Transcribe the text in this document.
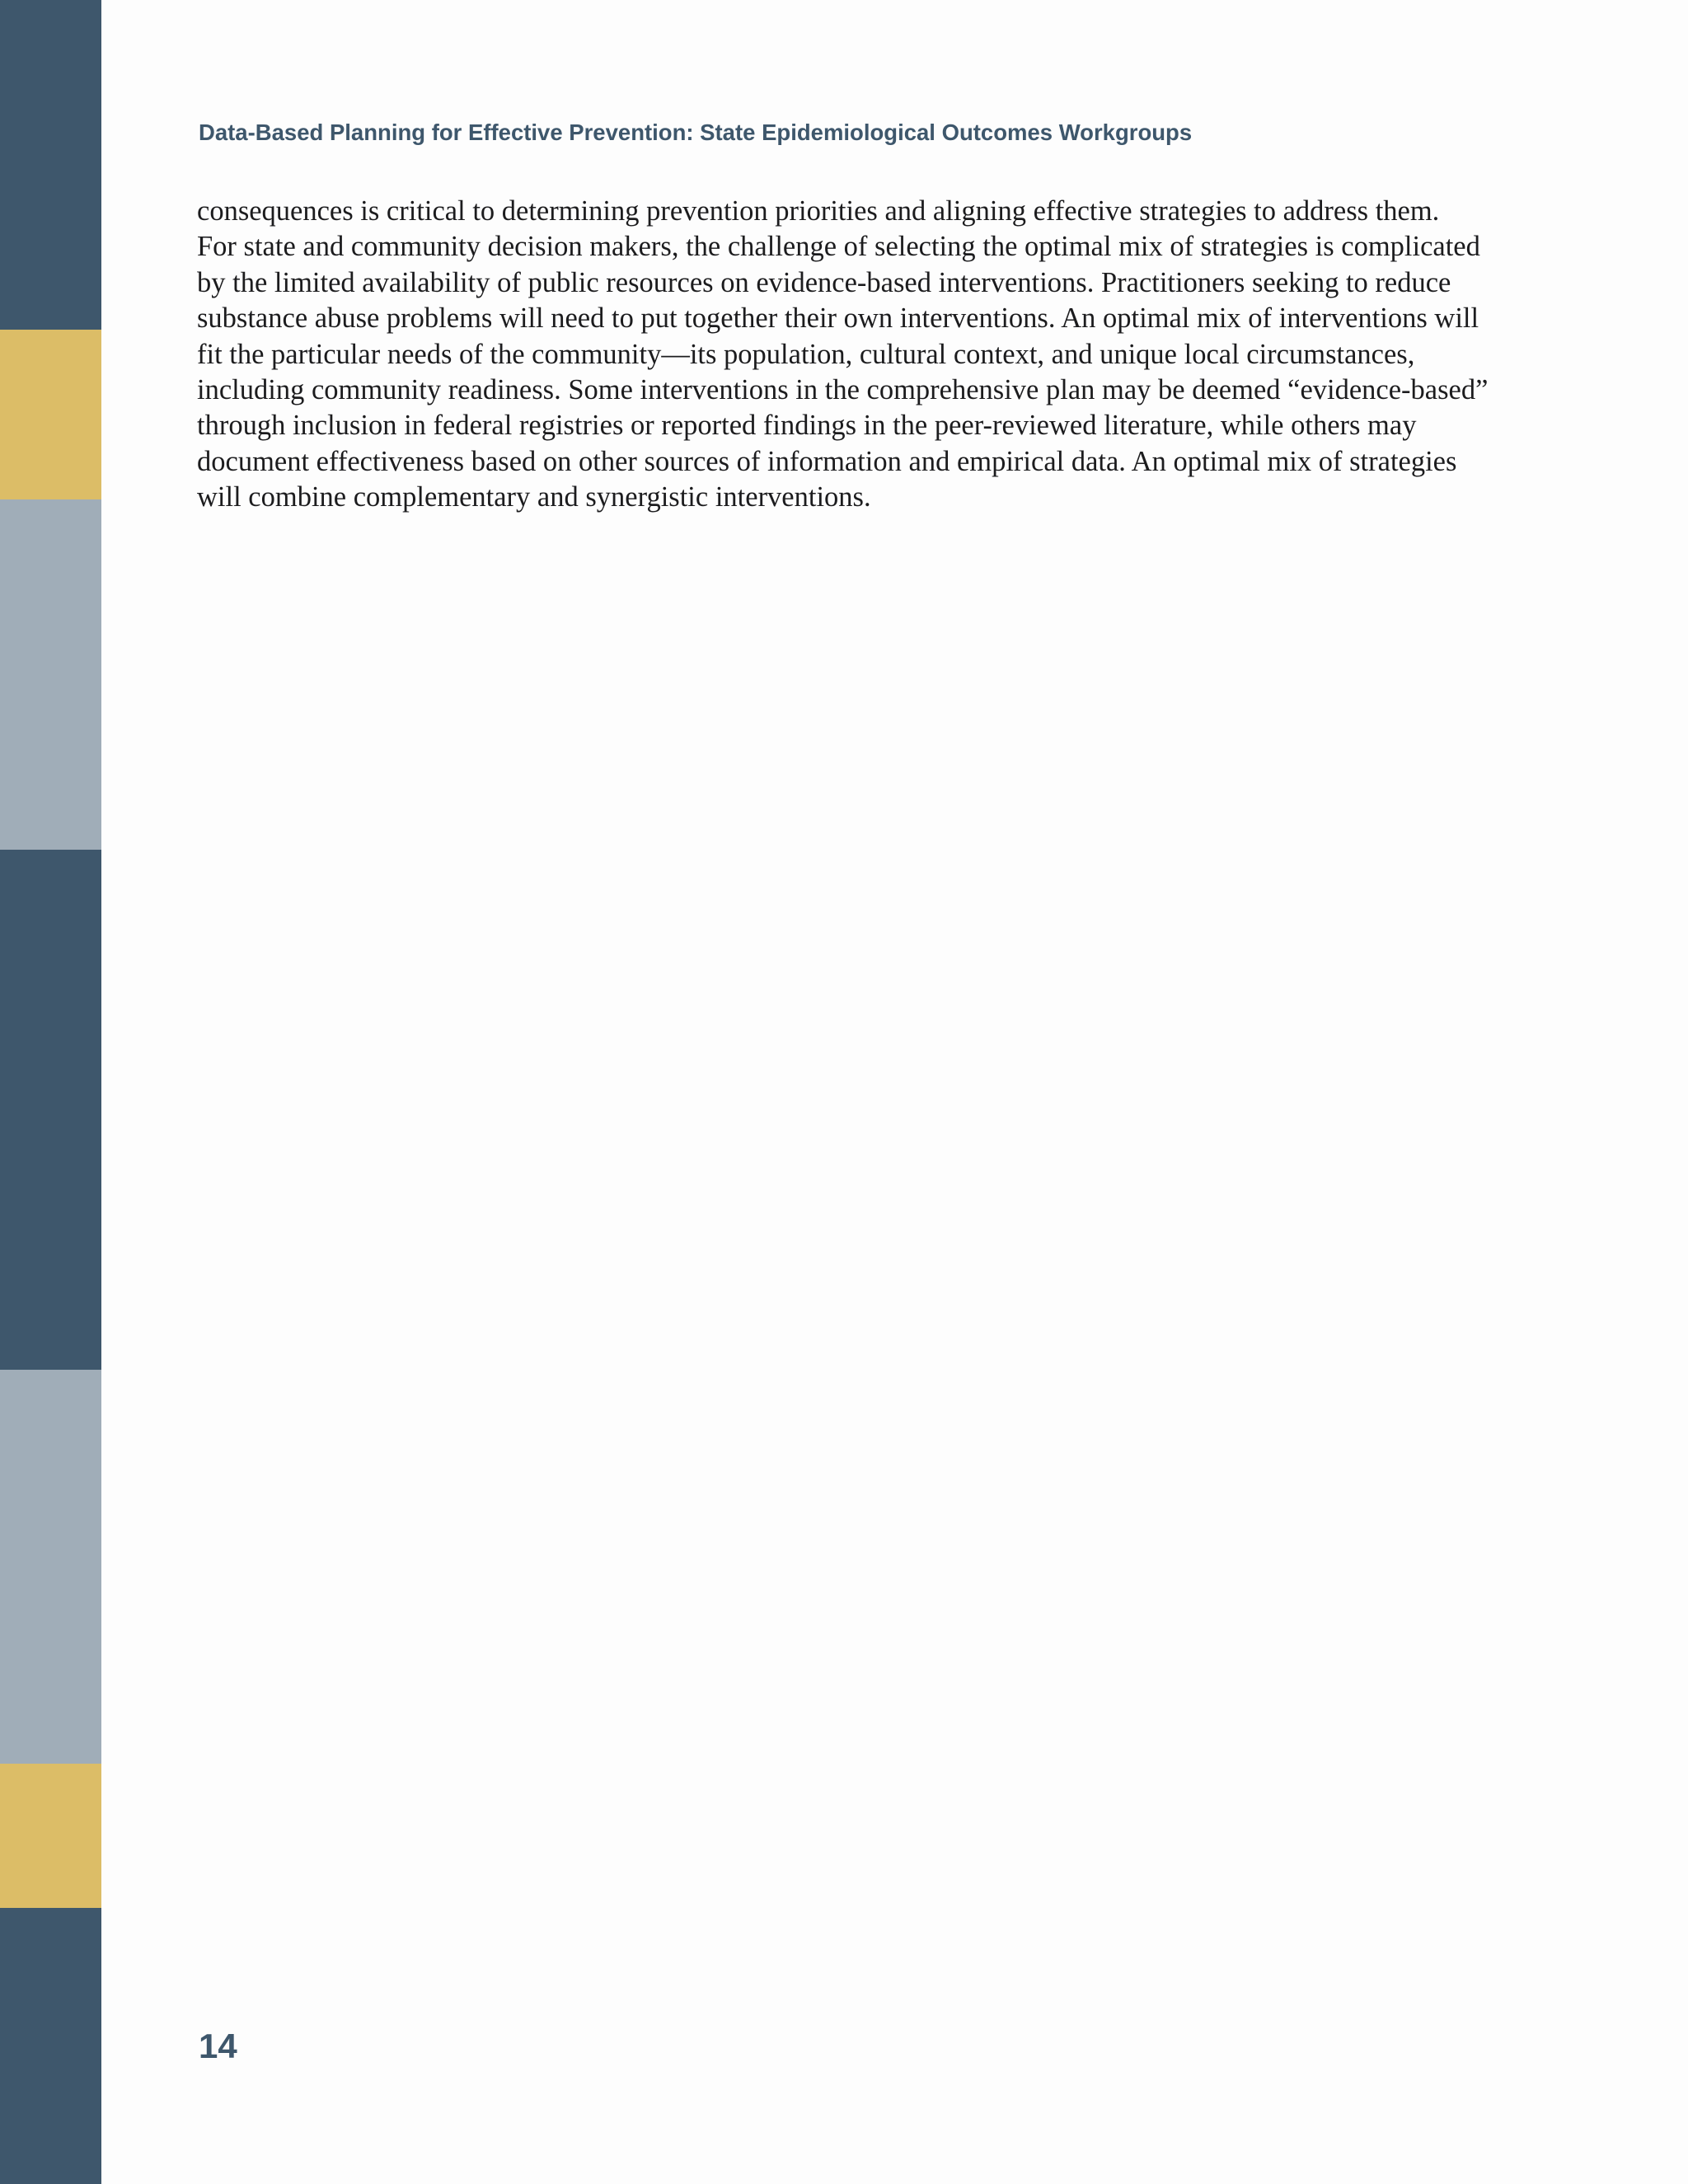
Data-Based Planning for Effective Prevention: State Epidemiological Outcomes Workgroups

consequences is critical to determining prevention priorities and aligning effective strategies to address them.

For state and community decision makers, the challenge of selecting the optimal mix of strategies is complicated by the limited availability of public resources on evidence-based interventions. Practitioners seeking to reduce substance abuse problems will need to put together their own interventions. An optimal mix of interventions will fit the particular needs of the community—its population, cultural context, and unique local circumstances, including community readiness. Some interventions in the comprehensive plan may be deemed “evidence-based” through inclusion in federal registries or reported findings in the peer-reviewed literature, while others may document effectiveness based on other sources of information and empirical data. An optimal mix of strategies will combine complementary and synergistic interventions.

14
